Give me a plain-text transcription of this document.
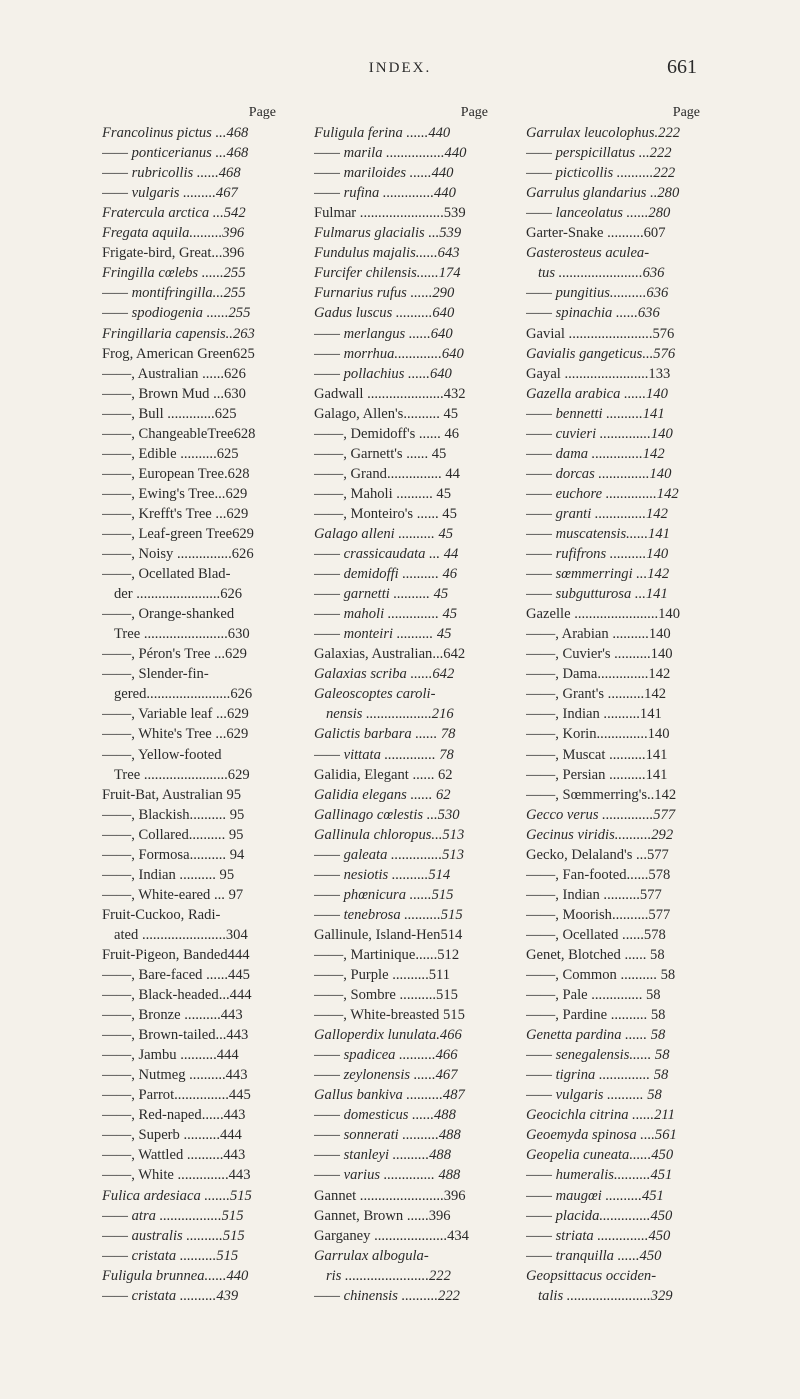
INDEX.	661
Page
Francolinus pictus ...468
—— ponticerianus ...468
—— rubricollis ......468
—— vulgaris .........467
Fratercula arctica ...542
Fregata aquila.........396
Frigate-bird, Great...396
Fringilla cœlebs ......255
—— montifringilla...255
—— spodiogenia ......255
Fringillaria capensis..263
Frog, American Green625
——, Australian ......626
——, Brown Mud ...630
——, Bull .............625
——, ChangeableTree628
——, Edible ..........625
——, European Tree.628
——, Ewing's Tree...629
——, Krefft's Tree ...629
——, Leaf-green Tree629
——, Noisy ...............626
——, Ocellated Blad-
der .......................626
——, Orange-shanked
Tree .......................630
——, Péron's Tree ...629
——, Slender-fin-
gered.......................626
——, Variable leaf ...629
——, White's Tree ...629
——, Yellow-footed
Tree .......................629
Fruit-Bat, Australian 95
——, Blackish.......... 95
——, Collared.......... 95
——, Formosa.......... 94
——, Indian .......... 95
——, White-eared ... 97
Fruit-Cuckoo, Radi-
ated .......................304
Fruit-Pigeon, Banded444
——, Bare-faced ......445
——, Black-headed...444
——, Bronze ..........443
——, Brown-tailed...443
——, Jambu ..........444
——, Nutmeg ..........443
——, Parrot...............445
——, Red-naped......443
——, Superb ..........444
——, Wattled ..........443
——, White ..............443
Fulica ardesiaca .......515
—— atra .................515
—— australis ..........515
—— cristata ..........515
Fuligula brunnea......440
—— cristata ..........439
Page
Fuligula ferina ......440
—— marila ................440
—— mariloides ......440
—— rufina ..............440
Fulmar .......................539
Fulmarus glacialis ...539
Fundulus majalis......643
Furcifer chilensis......174
Furnarius rufus ......290
Gadus luscus ..........640
—— merlangus ......640
—— morrhua.............640
—— pollachius ......640
Gadwall .....................432
Galago, Allen's.......... 45
——, Demidoff's ...... 46
——, Garnett's ...... 45
——, Grand............... 44
——, Maholi .......... 45
——, Monteiro's ...... 45
Galago alleni .......... 45
—— crassicaudata ... 44
—— demidoffi .......... 46
—— garnetti .......... 45
—— maholi .............. 45
—— monteiri .......... 45
Galaxias, Australian...642
Galaxias scriba ......642
Galeoscoptes caroli-
nensis ..................216
Galictis barbara ...... 78
—— vittata .............. 78
Galidia, Elegant ...... 62
Galidia elegans ...... 62
Gallinago cœlestis ...530
Gallinula chloropus...513
—— galeata ..............513
—— nesiotis ..........514
—— phœnicura ......515
—— tenebrosa ..........515
Gallinule, Island-Hen514
——, Martinique......512
——, Purple ..........511
——, Sombre ..........515
——, White-breasted 515
Galloperdix lunulata.466
—— spadicea ..........466
—— zeylonensis ......467
Gallus bankiva ..........487
—— domesticus ......488
—— sonnerati ..........488
—— stanleyi ..........488
—— varius .............. 488
Gannet .......................396
Gannet, Brown ......396
Garganey ....................434
Garrulax albogula-
ris .......................222
—— chinensis ..........222
Page
Garrulax leucolophus.222
—— perspicillatus ...222
—— picticollis ..........222
Garrulus glandarius ..280
—— lanceolatus ......280
Garter-Snake ..........607
Gasterosteus aculea-
tus .......................636
—— pungitius..........636
—— spinachia ......636
Gavial .......................576
Gavialis gangeticus...576
Gayal .......................133
Gazella arabica ......140
—— bennetti ..........141
—— cuvieri ..............140
—— dama ..............142
—— dorcas ..............140
—— euchore ..............142
—— granti ..............142
—— muscatensis......141
—— rufifrons ..........140
—— sœmmerringi ...142
—— subgutturosa ...141
Gazelle .......................140
——, Arabian ..........140
——, Cuvier's ..........140
——, Dama..............142
——, Grant's ..........142
——, Indian ..........141
——, Korin..............140
——, Muscat ..........141
——, Persian ..........141
——, Sœmmerring's..142
Gecco verus ..............577
Gecinus viridis..........292
Gecko, Delaland's ...577
——, Fan-footed......578
——, Indian ..........577
——, Moorish..........577
——, Ocellated ......578
Genet, Blotched ...... 58
——, Common .......... 58
——, Pale .............. 58
——, Pardine .......... 58
Genetta pardina ...... 58
—— senegalensis...... 58
—— tigrina .............. 58
—— vulgaris .......... 58
Geocichla citrina ......211
Geoemyda spinosa ....561
Geopelia cuneata......450
—— humeralis..........451
—— maugœi ..........451
—— placida..............450
—— striata ..............450
—— tranquilla ......450
Geopsittacus occiden-
talis .......................329
